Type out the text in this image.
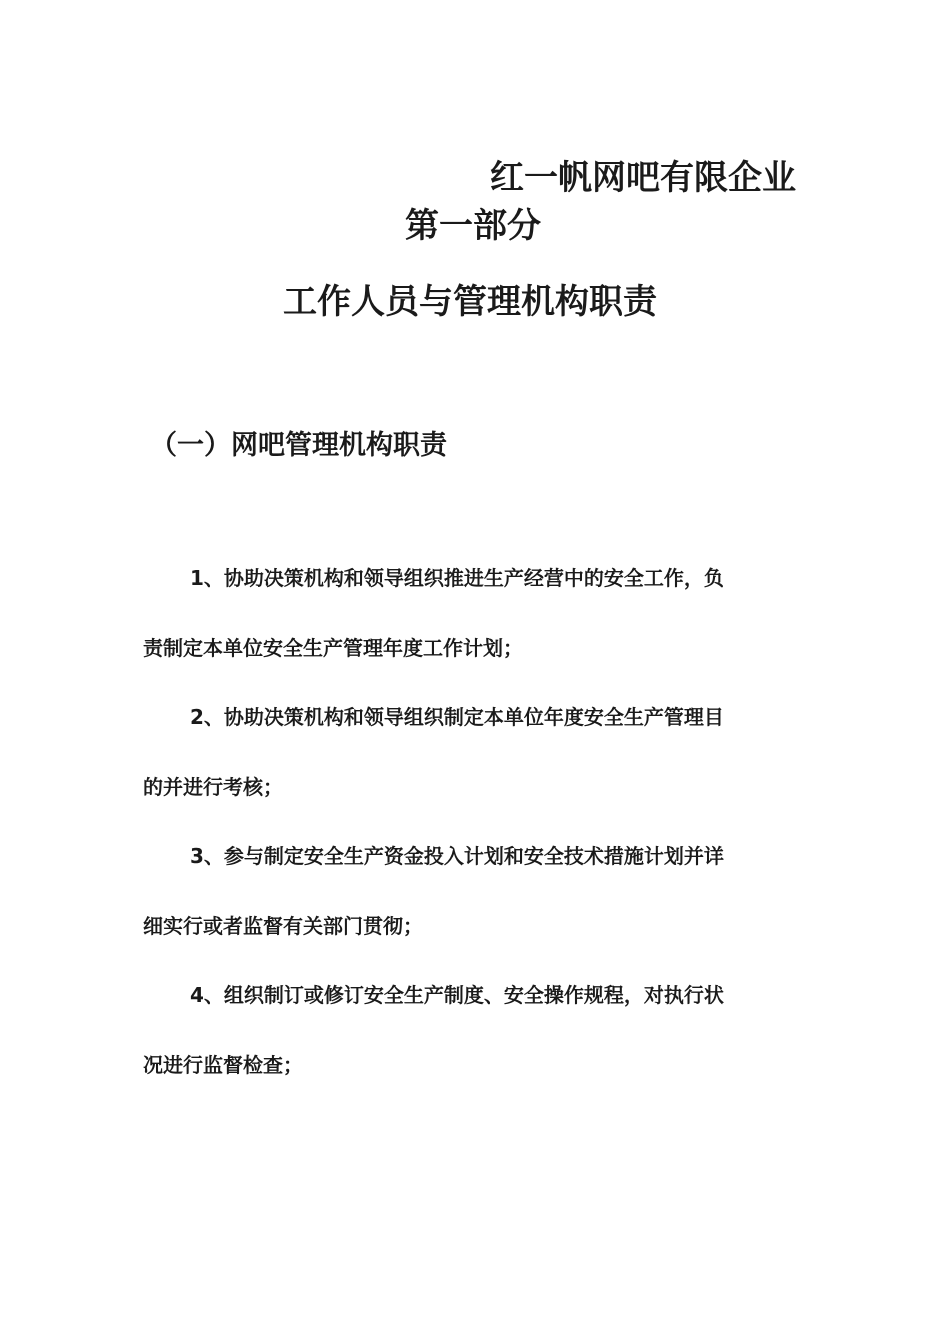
红一帆网吧有限企业
第一部分
工作人员与管理机构职责
（一）网吧管理机构职责
1、协助决策机构和领导组织推进生产经营中的安全工作，负
责制定本单位安全生产管理年度工作计划；
2、协助决策机构和领导组织制定本单位年度安全生产管理目
的并进行考核；
3、参与制定安全生产资金投入计划和安全技术措施计划并详
细实行或者监督有关部门贯彻；
4、组织制订或修订安全生产制度、安全操作规程，对执行状
况进行监督检查；
